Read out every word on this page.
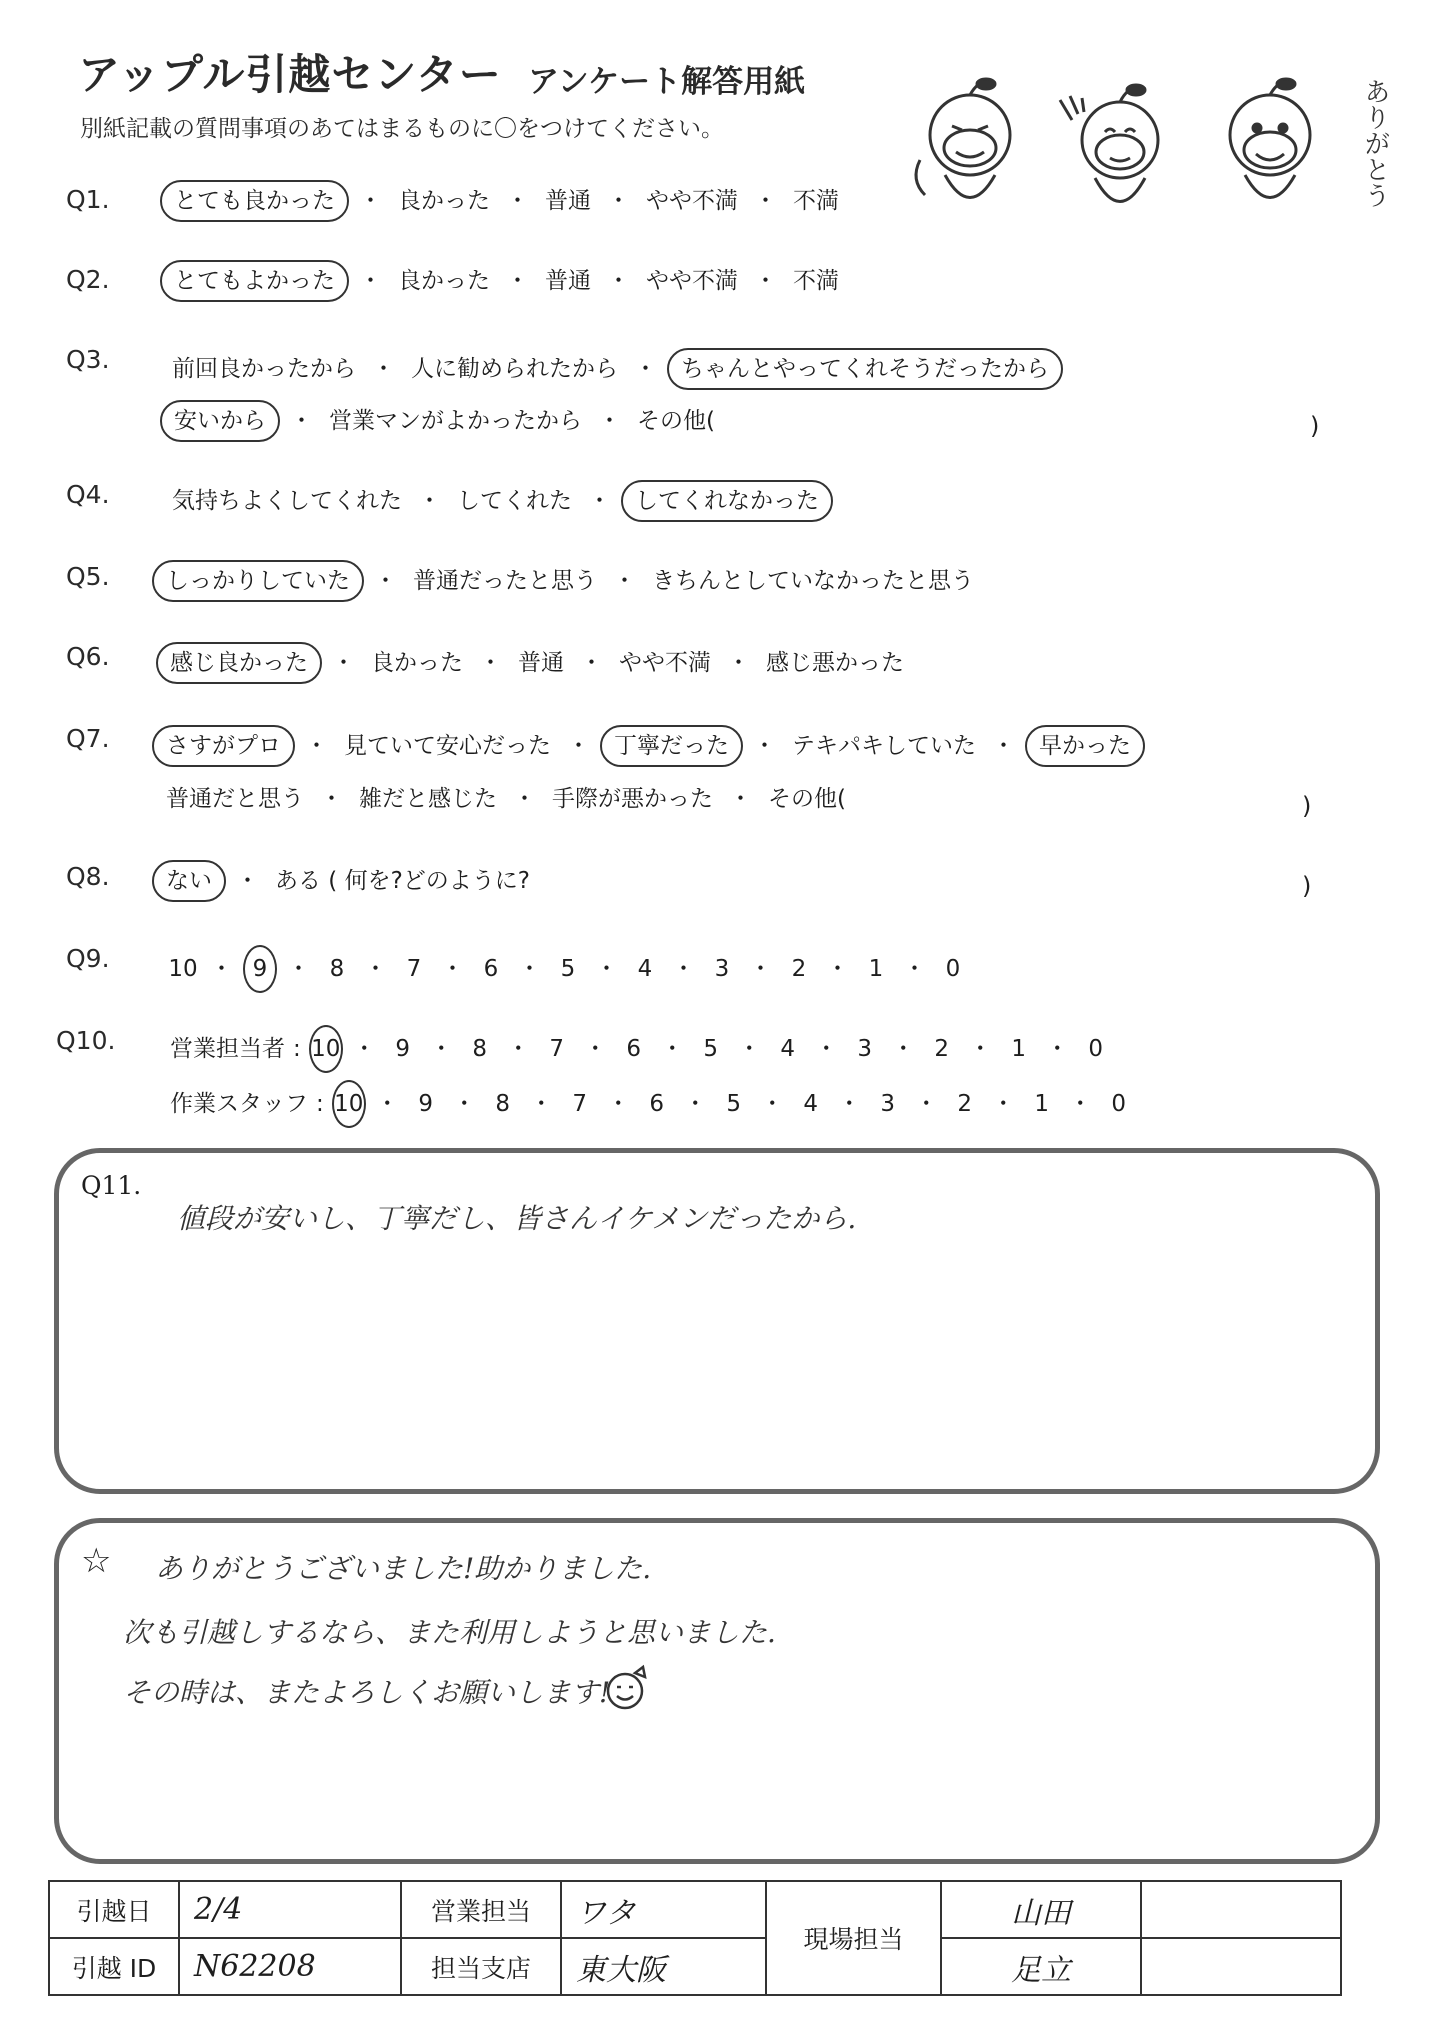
アップル引越センター アンケート解答用紙
別紙記載の質問事項のあてはまるものに〇をつけてください。	ありがとう
Q1.	とても良かった	・ 良かった ・ 普通 ・ やや不満 ・ 不満
Q2.	とてもよかった	・ 良かった ・ 普通 ・ やや不満 ・ 不満
Q3.	前回良かったから ・ 人に勧められたから ・	ちゃんとやってくれそうだったから
安いから	・ 営業マンがよかったから ・ その他(	)
Q4.	気持ちよくしてくれた ・ してくれた ・	してくれなかった
Q5.	しっかりしていた	・ 普通だったと思う ・ きちんとしていなかったと思う
Q6.	感じ良かった	・ 良かった ・ 普通 ・ やや不満 ・ 感じ悪かった
Q7.	さすがプロ	・ 見ていて安心だった ・	丁寧だった	・ テキパキしていた ・	早かった
普通だと思う ・ 雑だと感じた ・ 手際が悪かった ・ その他(	)
Q8.	ない	・ ある ( 何を?どのように?	)
Q9.	10 ・ 9 ・ 8 ・ 7 ・ 6 ・ 5 ・ 4 ・ 3 ・ 2 ・ 1 ・ 0
Q10. 営業担当者 : 10 ・ 9 ・ 8 ・ 7 ・ 6 ・ 5 ・ 4 ・ 3 ・ 2 ・ 1 ・ 0
作業スタッフ : 10 ・ 9 ・ 8 ・ 7 ・ 6 ・ 5 ・ 4 ・ 3 ・ 2 ・ 1 ・ 0
Q11.
値段が安いし、丁寧だし、皆さんイケメンだったから.
☆ ありがとうございました!助かりました.
次も引越しするなら、また利用しようと思いました.
その時は、またよろしくお願いします!
引越日	2/4	営業担当	ワタ	現場担当	山田	
引越 ID	N62208	担当支店	東大阪		足立	
